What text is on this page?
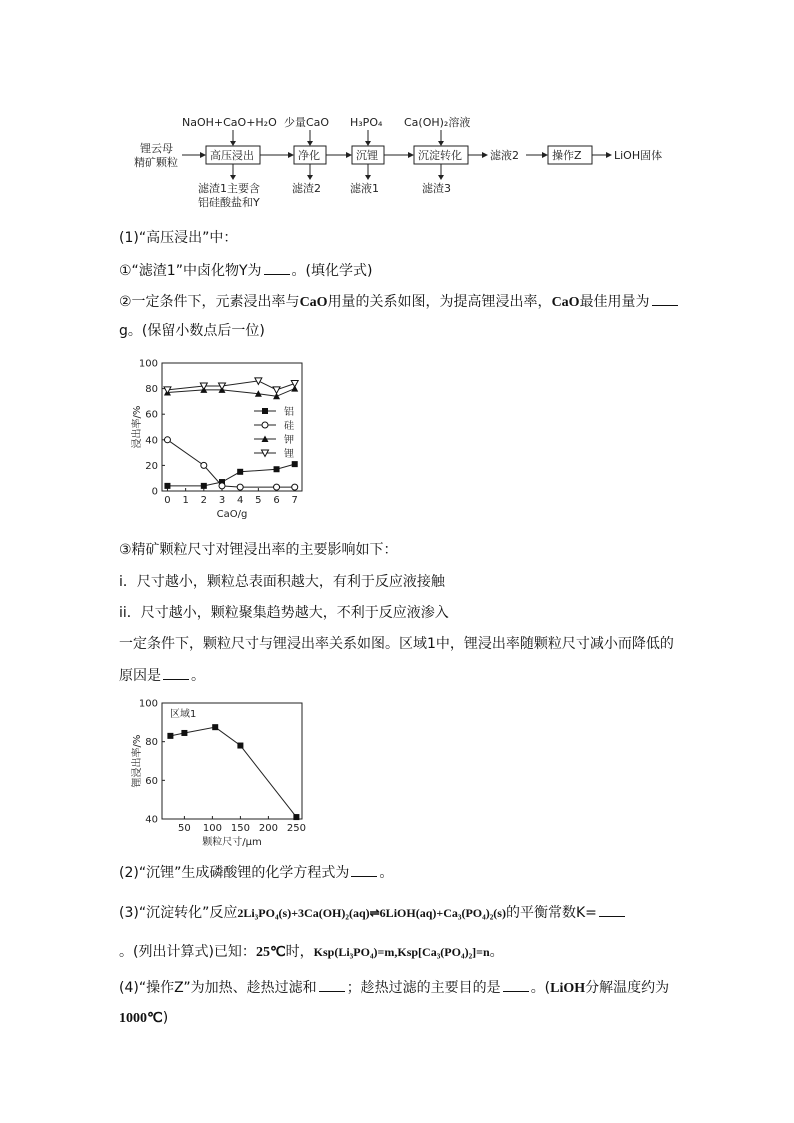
锂云母
精矿颗粒
高压浸出	净化	沉锂	沉淀转化	滤液2	操作Z	LiOH固体
NaOH+CaO+H₂O 少量CaO H₃PO₄ Ca(OH)₂溶液
滤渣1主要含
铝硅酸盐和Y
滤渣2	滤液1	滤渣3
(1)“高压浸出”中：
①“滤渣1”中卤化物Y为 。(填化学式)
②一定条件下，元素浸出率与CaO用量的关系如图，为提高锂浸出率，CaO最佳用量为
g。(保留小数点后一位)
0
20
40
60
80
100
0 1 2 3 4 5 6 7
CaO/g
浸出率/%	铝
硅
钾
锂
③精矿颗粒尺寸对锂浸出率的主要影响如下：
i．尺寸越小，颗粒总表面积越大，有利于反应液接触
ii．尺寸越小，颗粒聚集趋势越大，不利于反应液渗入
一定条件下，颗粒尺寸与锂浸出率关系如图。区域1中，锂浸出率随颗粒尺寸减小而降低的
原因是 。
40
60
80
100
50 100 150 200 250
颗粒尺寸/μm
锂浸出率/%
区域1
(2)“沉锂”生成磷酸锂的化学方程式为 。
(3)“沉淀转化”反应2Li₃PO₄(s)+3Ca(OH)₂(aq)⇌6LiOH(aq)+Ca₃(PO₄)₂(s)的平衡常数K=
。(列出计算式)已知：25℃时，Ksp(Li₃PO₄)=m,Ksp[Ca₃(PO₄)₂]=n。
(4)“操作Z”为加热、趁热过滤和 ；趁热过滤的主要目的是 。(LiOH分解温度约为
1000℃)
